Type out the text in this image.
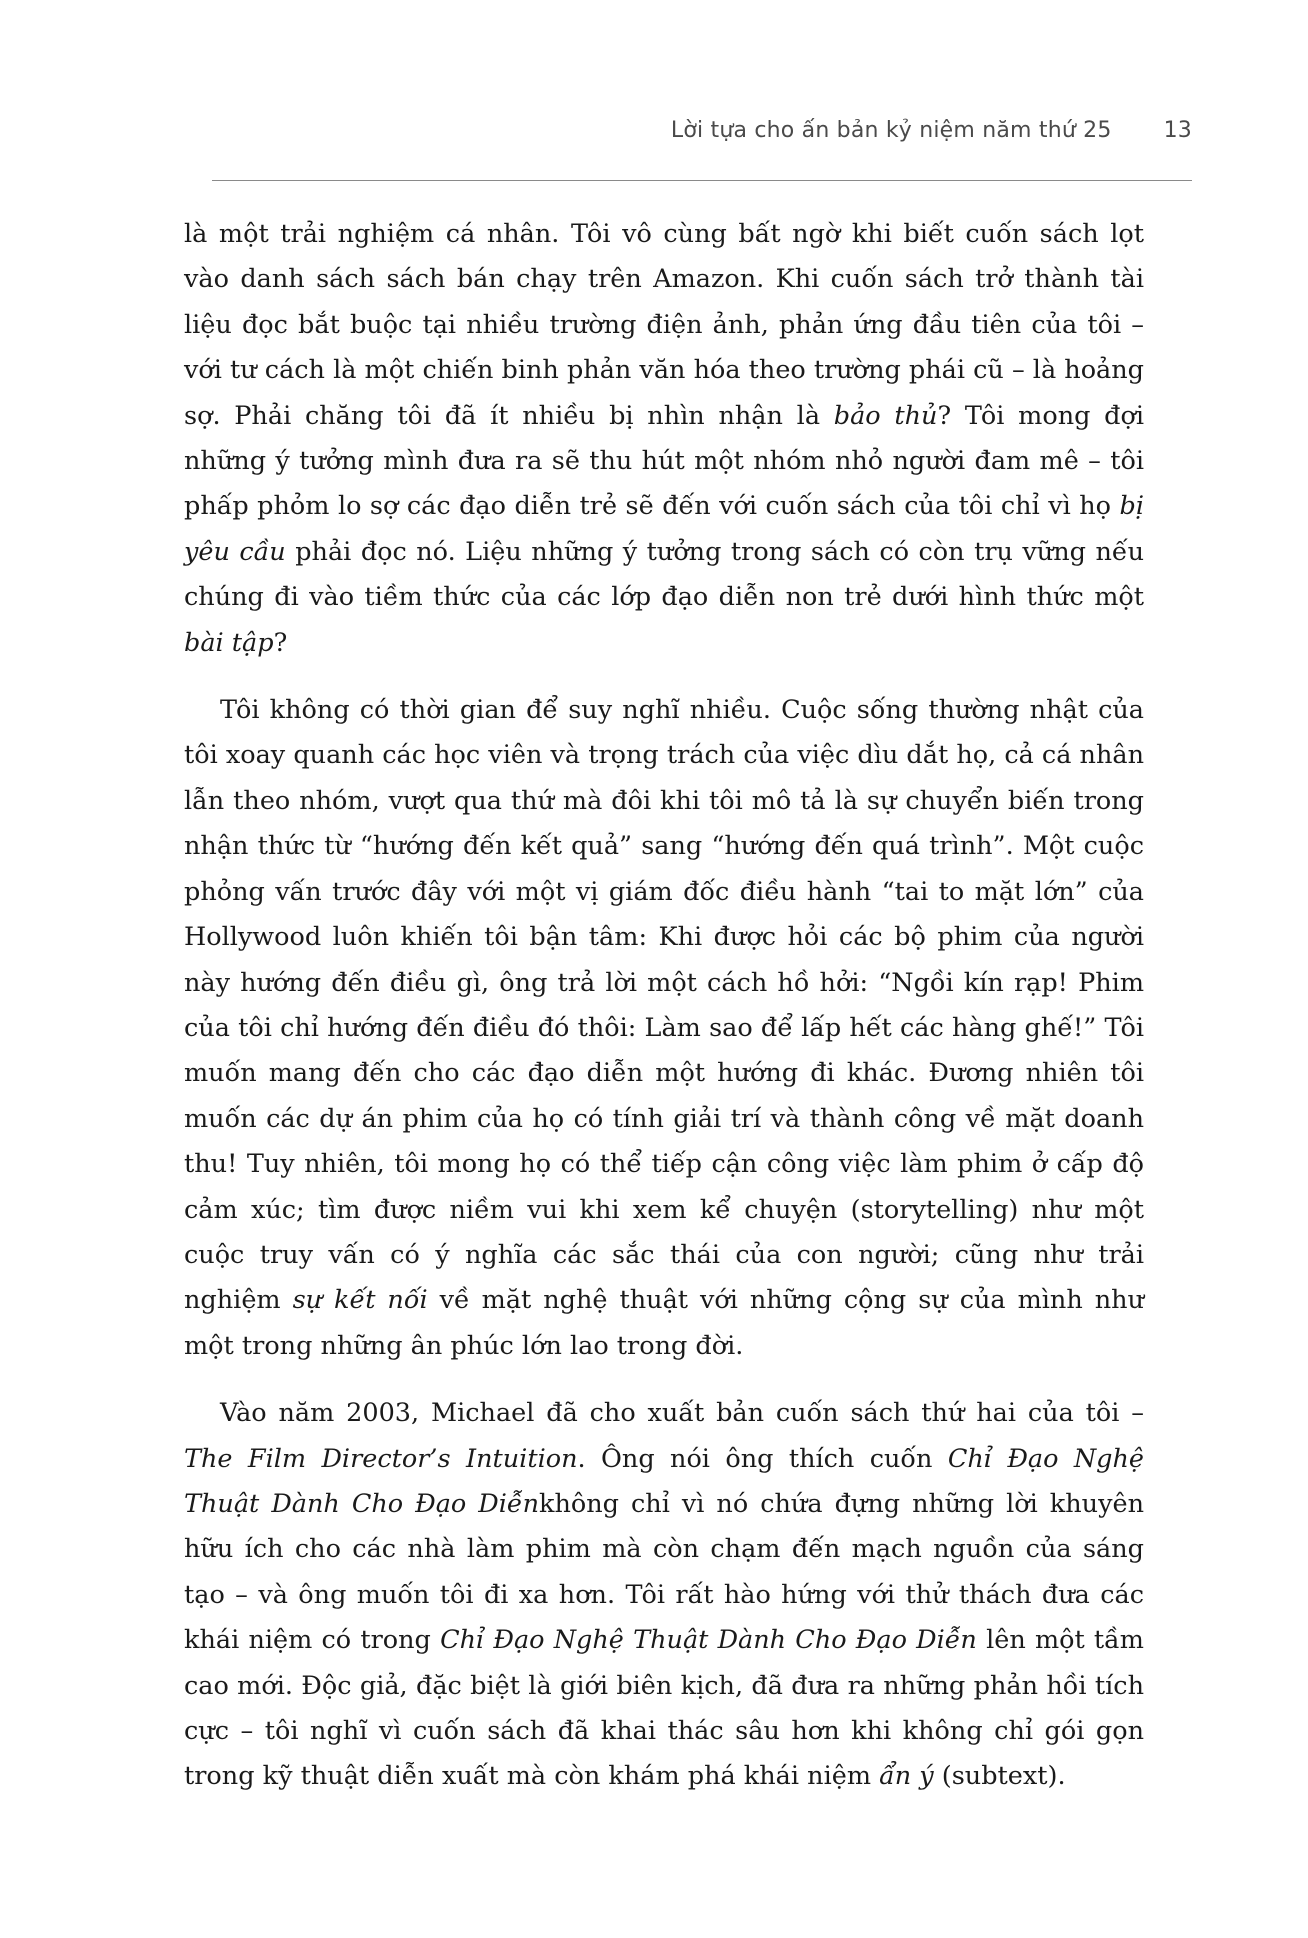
Lời tựa cho ấn bản kỷ niệm năm thứ 25 13

là một trải nghiệm cá nhân. Tôi vô cùng bất ngờ khi biết cuốn sách lọt vào danh sách sách bán chạy trên Amazon. Khi cuốn sách trở thành tài liệu đọc bắt buộc tại nhiều trường điện ảnh, phản ứng đầu tiên của tôi – với tư cách là một chiến binh phản văn hóa theo trường phái cũ – là hoảng sợ. Phải chăng tôi đã ít nhiều bị nhìn nhận là bảo thủ? Tôi mong đợi những ý tưởng mình đưa ra sẽ thu hút một nhóm nhỏ người đam mê – tôi phấp phỏm lo sợ các đạo diễn trẻ sẽ đến với cuốn sách của tôi chỉ vì họ bị yêu cầu phải đọc nó. Liệu những ý tưởng trong sách có còn trụ vững nếu chúng đi vào tiềm thức của các lớp đạo diễn non trẻ dưới hình thức một bài tập?

Tôi không có thời gian để suy nghĩ nhiều. Cuộc sống thường nhật của tôi xoay quanh các học viên và trọng trách của việc dìu dắt họ, cả cá nhân lẫn theo nhóm, vượt qua thứ mà đôi khi tôi mô tả là sự chuyển biến trong nhận thức từ “hướng đến kết quả” sang “hướng đến quá trình”. Một cuộc phỏng vấn trước đây với một vị giám đốc điều hành “tai to mặt lớn” của Hollywood luôn khiến tôi bận tâm: Khi được hỏi các bộ phim của người này hướng đến điều gì, ông trả lời một cách hồ hởi: “Ngồi kín rạp! Phim của tôi chỉ hướng đến điều đó thôi: Làm sao để lấp hết các hàng ghế!” Tôi muốn mang đến cho các đạo diễn một hướng đi khác. Đương nhiên tôi muốn các dự án phim của họ có tính giải trí và thành công về mặt doanh thu! Tuy nhiên, tôi mong họ có thể tiếp cận công việc làm phim ở cấp độ cảm xúc; tìm được niềm vui khi xem kể chuyện (storytelling) như một cuộc truy vấn có ý nghĩa các sắc thái của con người; cũng như trải nghiệm sự kết nối về mặt nghệ thuật với những cộng sự của mình như một trong những ân phúc lớn lao trong đời.

Vào năm 2003, Michael đã cho xuất bản cuốn sách thứ hai của tôi – The Film Director’s Intuition. Ông nói ông thích cuốn Chỉ Đạo Nghệ Thuật Dành Cho Đạo Diễnkhông chỉ vì nó chứa đựng những lời khuyên hữu ích cho các nhà làm phim mà còn chạm đến mạch nguồn của sáng tạo – và ông muốn tôi đi xa hơn. Tôi rất hào hứng với thử thách đưa các khái niệm có trong Chỉ Đạo Nghệ Thuật Dành Cho Đạo Diễn lên một tầm cao mới. Độc giả, đặc biệt là giới biên kịch, đã đưa ra những phản hồi tích cực – tôi nghĩ vì cuốn sách đã khai thác sâu hơn khi không chỉ gói gọn trong kỹ thuật diễn xuất mà còn khám phá khái niệm ẩn ý (subtext).
